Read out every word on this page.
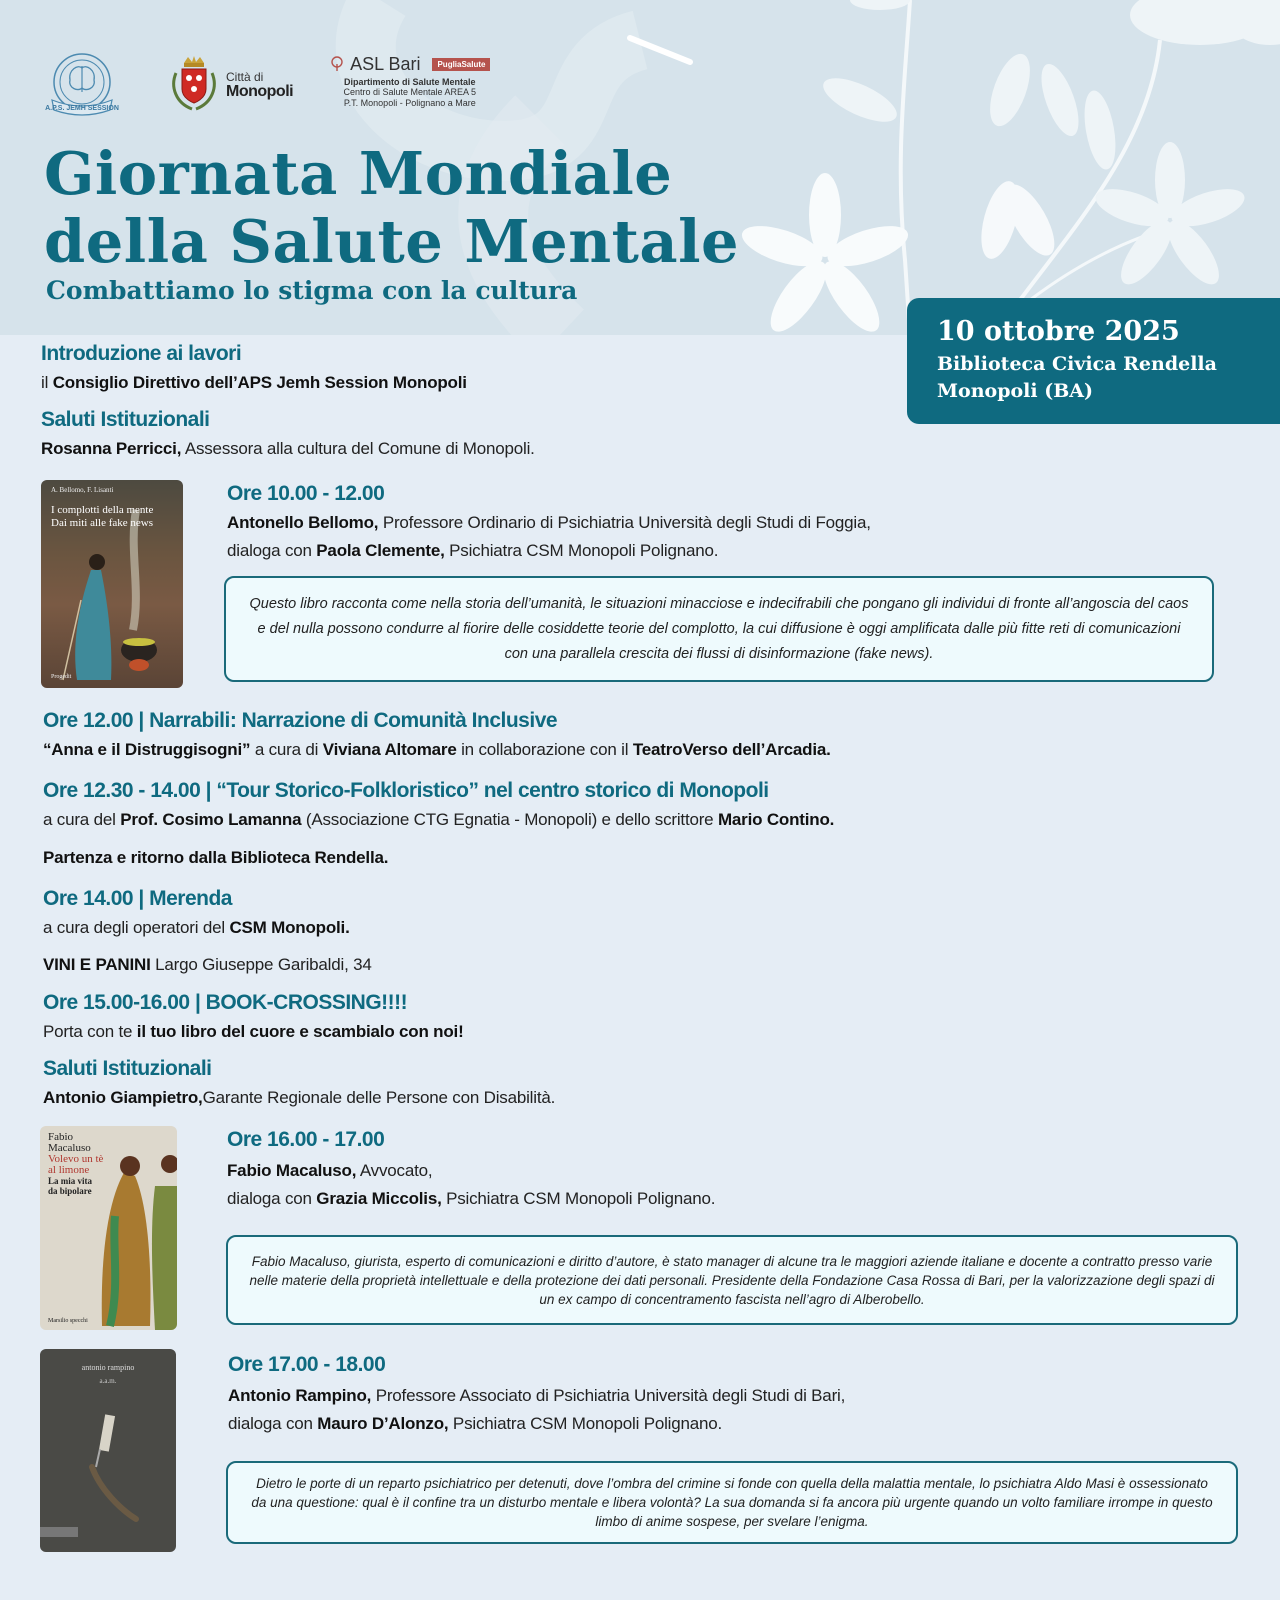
A.P.S. JEMH SESSION
Città di
Monopoli
ASL Bari	PugliaSalute
Dipartimento di Salute Mentale
Centro di Salute Mentale AREA 5
P.T. Monopoli - Polignano a Mare
Giornata Mondiale
della Salute Mentale
Combattiamo lo stigma con la cultura
10 ottobre 2025
Biblioteca Civica Rendella
Monopoli (BA)
Introduzione ai lavori
il Consiglio Direttivo dell’APS Jemh Session Monopoli
Saluti Istituzionali
Rosanna Perricci, Assessora alla cultura del Comune di Monopoli.
A. Bellomo, F. Lisanti
I complotti della mente
Dai miti alle fake news
Progedit
Ore 10.00 - 12.00
Antonello Bellomo, Professore Ordinario di Psichiatria Università degli Studi di Foggia,
dialoga con Paola Clemente, Psichiatra CSM Monopoli Polignano.
Questo libro racconta come nella storia dell’umanità, le situazioni minacciose e indecifrabili che pongano gli individui di fronte all’angoscia del caos e del nulla possono condurre al fiorire delle cosiddette teorie del complotto, la cui diffusione è oggi amplificata dalle più fitte reti di comunicazioni con una parallela crescita dei flussi di disinformazione (fake news).
Ore 12.00 | Narrabili: Narrazione di Comunità Inclusive
“Anna e il Distruggisogni” a cura di Viviana Altomare in collaborazione con il TeatroVerso dell’Arcadia.
Ore 12.30 - 14.00 | “Tour Storico-Folkloristico” nel centro storico di Monopoli
a cura del Prof. Cosimo Lamanna (Associazione CTG Egnatia - Monopoli) e dello scrittore Mario Contino.
Partenza e ritorno dalla Biblioteca Rendella.
Ore 14.00 | Merenda
a cura degli operatori del CSM Monopoli.
VINI E PANINI Largo Giuseppe Garibaldi, 34
Ore 15.00-16.00 | BOOK-CROSSING!!!!
Porta con te il tuo libro del cuore e scambialo con noi!
Saluti Istituzionali
Antonio Giampietro,Garante Regionale delle Persone con Disabilità.
Fabio
Macaluso
Volevo un tè
al limone
La mia vita
da bipolare
Marsilio specchi
Ore 16.00 - 17.00
Fabio Macaluso, Avvocato,
dialoga con Grazia Miccolis, Psichiatra CSM Monopoli Polignano.
Fabio Macaluso, giurista, esperto di comunicazioni e diritto d’autore, è stato manager di alcune tra le maggiori aziende italiane e docente a contratto presso varie nelle materie della proprietà intellettuale e della protezione dei dati personali. Presidente della Fondazione Casa Rossa di Bari, per la valorizzazione degli spazi di un ex campo di concentramento fascista nell’agro di Alberobello.
antonio rampino
a.a.m.
Ore 17.00 - 18.00
Antonio Rampino, Professore Associato di Psichiatria Università degli Studi di Bari,
dialoga con Mauro D’Alonzo, Psichiatra CSM Monopoli Polignano.
Dietro le porte di un reparto psichiatrico per detenuti, dove l’ombra del crimine si fonde con quella della malattia mentale, lo psichiatra Aldo Masi è ossessionato da una questione: qual è il confine tra un disturbo mentale e libera volontà? La sua domanda si fa ancora più urgente quando un volto familiare irrompe in questo limbo di anime sospese, per svelare l’enigma.
